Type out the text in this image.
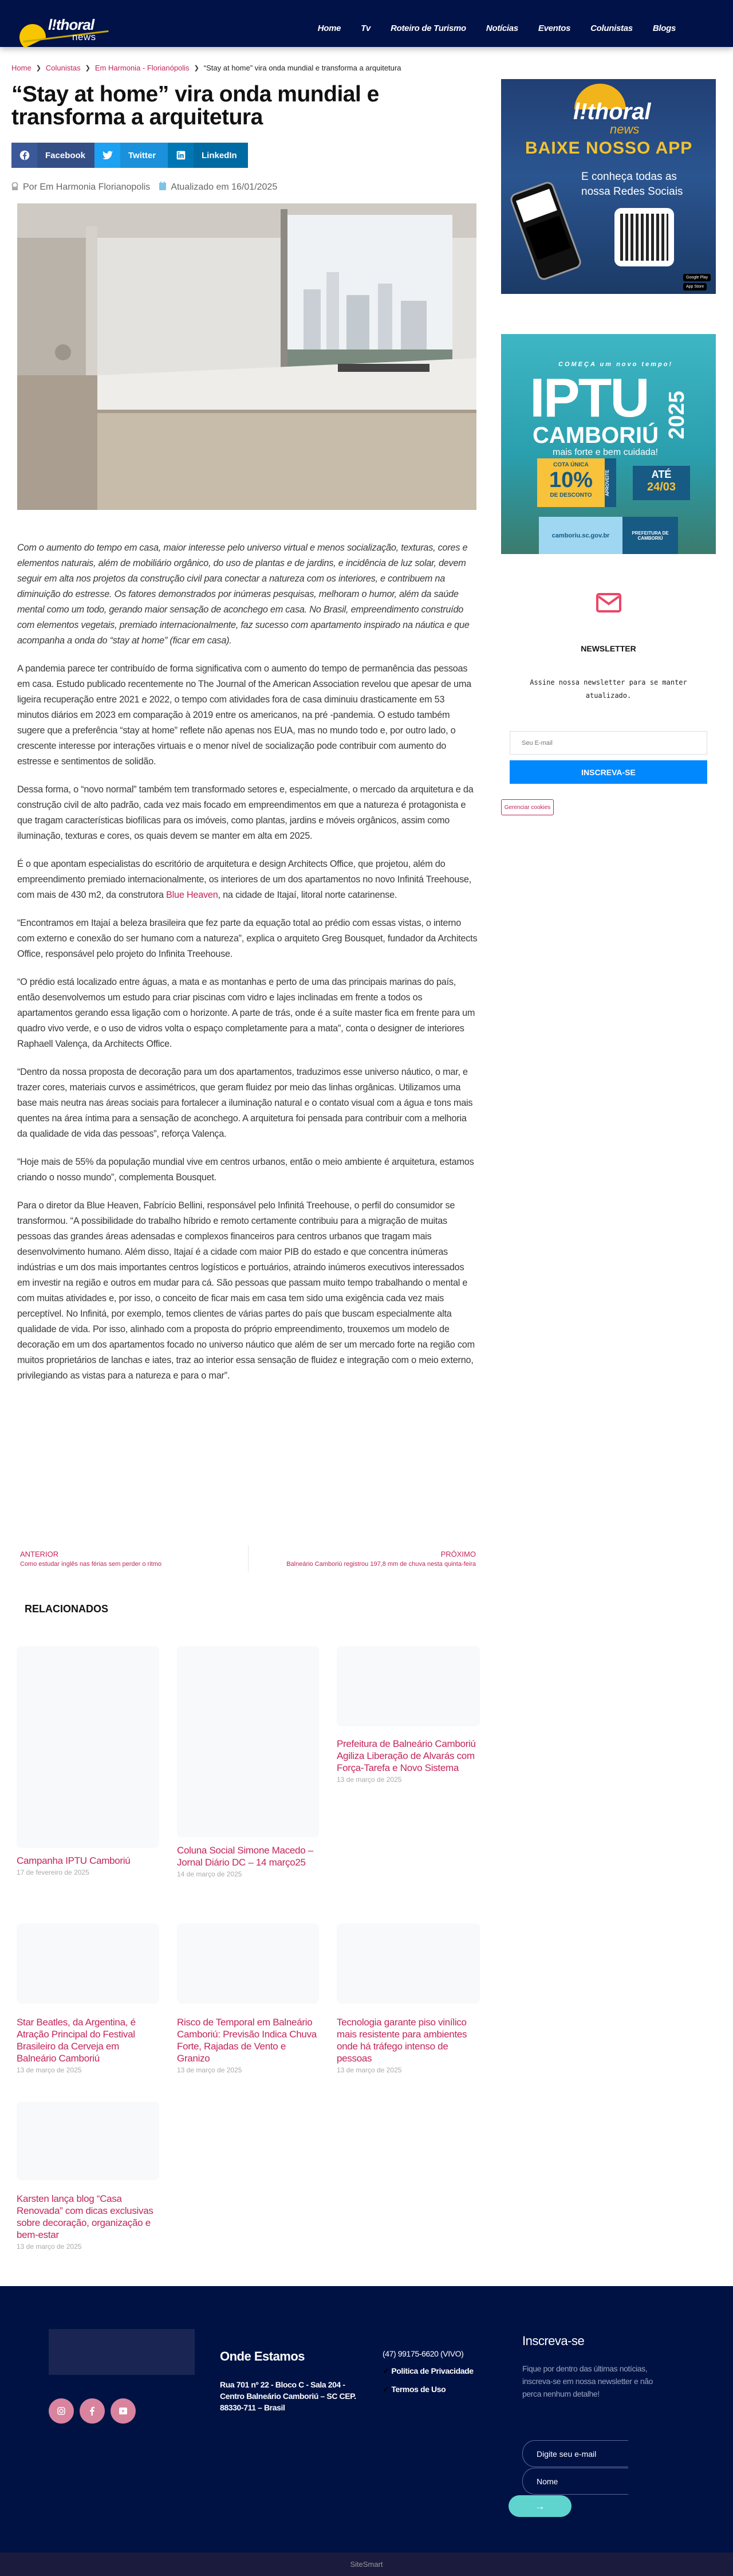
l!thoral
news
Home Tv Roteiro de Turismo Notícias Eventos Colunistas Blogs
Home ❯ Colunistas ❯ Em Harmonia - Florianópolis ❯ “Stay at home” vira onda mundial e transforma a arquitetura
“Stay at home” vira onda mundial e transforma a arquitetura
Facebook	Twitter	LinkedIn
Por Em Harmonia Florianopolis Atualizado em 16/01/2025

Com o aumento do tempo em casa, maior interesse pelo universo virtual e menos socialização, texturas, cores e elementos naturais, além de mobiliário orgânico, do uso de plantas e de jardins, e incidência de luz solar, devem seguir em alta nos projetos da construção civil para conectar a natureza com os interiores, e contribuem na diminuição do estresse. Os fatores demonstrados por inúmeras pesquisas, melhoram o humor, além da saúde mental como um todo, gerando maior sensação de aconchego em casa. No Brasil, empreendimento construído com elementos vegetais, premiado internacionalmente, faz sucesso com apartamento inspirado na náutica e que acompanha a onda do “stay at home” (ficar em casa).

A pandemia parece ter contribuído de forma significativa com o aumento do tempo de permanência das pessoas em casa. Estudo publicado recentemente no The Journal of the American Association revelou que apesar de uma ligeira recuperação entre 2021 e 2022, o tempo com atividades fora de casa diminuiu drasticamente em 53 minutos diários em 2023 em comparação à 2019 entre os americanos, na pré -pandemia. O estudo também sugere que a preferência “stay at home” reflete não apenas nos EUA, mas no mundo todo e, por outro lado, o crescente interesse por interações virtuais e o menor nível de socialização pode contribuir com aumento do estresse e sentimentos de solidão.

Dessa forma, o “novo normal” também tem transformado setores e, especialmente, o mercado da arquitetura e da construção civil de alto padrão, cada vez mais focado em empreendimentos em que a natureza é protagonista e que tragam características biofílicas para os imóveis, como plantas, jardins e móveis orgânicos, assim como iluminação, texturas e cores, os quais devem se manter em alta em 2025.

É o que apontam especialistas do escritório de arquitetura e design Architects Office, que projetou, além do empreendimento premiado internacionalmente, os interiores de um dos apartamentos no novo Infinitá Treehouse, com mais de 430 m2, da construtora Blue Heaven, na cidade de Itajaí, litoral norte catarinense.

“Encontramos em Itajaí a beleza brasileira que fez parte da equação total ao prédio com essas vistas, o interno com externo e conexão do ser humano com a natureza”, explica o arquiteto Greg Bousquet, fundador da Architects Office, responsável pelo projeto do Infinita Treehouse.

“O prédio está localizado entre águas, a mata e as montanhas e perto de uma das principais marinas do país, então desenvolvemos um estudo para criar piscinas com vidro e lajes inclinadas em frente a todos os apartamentos gerando essa ligação com o horizonte. A parte de trás, onde é a suíte master fica em frente para um quadro vivo verde, e o uso de vidros volta o espaço completamente para a mata”, conta o designer de interiores Raphaell Valença, da Architects Office.

“Dentro da nossa proposta de decoração para um dos apartamentos, traduzimos esse universo náutico, o mar, e trazer cores, materiais curvos e assimétricos, que geram fluidez por meio das linhas orgânicas. Utilizamos uma base mais neutra nas áreas sociais para fortalecer a iluminação natural e o contato visual com a água e tons mais quentes na área íntima para a sensação de aconchego. A arquitetura foi pensada para contribuir com a melhoria da qualidade de vida das pessoas”, reforça Valença.

“Hoje mais de 55% da população mundial vive em centros urbanos, então o meio ambiente é arquitetura, estamos criando o nosso mundo”, complementa Bousquet.

Para o diretor da Blue Heaven, Fabrício Bellini, responsável pelo Infinitá Treehouse, o perfil do consumidor se transformou. “A possibilidade do trabalho híbrido e remoto certamente contribuiu para a migração de muitas pessoas das grandes áreas adensadas e complexos financeiros para centros urbanos que tragam mais desenvolvimento humano. Além disso, Itajaí é a cidade com maior PIB do estado e que concentra inúmeras indústrias e um dos mais importantes centros logísticos e portuários, atraindo inúmeros executivos interessados em investir na região e outros em mudar para cá. São pessoas que passam muito tempo trabalhando o mental e com muitas atividades e, por isso, o conceito de ficar mais em casa tem sido uma exigência cada vez mais perceptível. No Infinitá, por exemplo, temos clientes de várias partes do país que buscam especialmente alta qualidade de vida. Por isso, alinhado com a proposta do próprio empreendimento, trouxemos um modelo de decoração em um dos apartamentos focado no universo náutico que além de ser um mercado forte na região com muitos proprietários de lanchas e iates, traz ao interior essa sensação de fluidez e integração com o meio externo, privilegiando as vistas para a natureza e para o mar”.

Gerenciar cookies
ANTERIOR
Como estudar inglês nas férias sem perder o ritmo
PRÓXIMO
Balneário Camboriú registrou 197,8 mm de chuva nesta quinta-feira
RELACIONADOS
Campanha IPTU Camboriú
17 de fevereiro de 2025
Coluna Social Simone Macedo – Jornal Diário DC – 14 março25
14 de março de 2025
Prefeitura de Balneário Camboriú Agiliza Liberação de Alvarás com Força-Tarefa e Novo Sistema
13 de março de 2025
Star Beatles, da Argentina, é Atração Principal do Festival Brasileiro da Cerveja em Balneário Camboriú
13 de março de 2025
Risco de Temporal em Balneário Camboriú: Previsão Indica Chuva Forte, Rajadas de Vento e Granizo
13 de março de 2025
Tecnologia garante piso vinílico mais resistente para ambientes onde há tráfego intenso de pessoas
13 de março de 2025
Karsten lança blog “Casa Renovada” com dicas exclusivas sobre decoração, organização e bem-estar
13 de março de 2025
l!thoral
news
BAIXE NOSSO APP
E conheça todas as nossa Redes Sociais
Google Play
App Store
COMEÇA um novo tempo!
IPTU 2025
CAMBORIÚ
mais forte e bem cuidada!
COTA ÚNICA
10%
DE DESCONTO	APROVEITE	ATÉ
24/03
camboriu.sc.gov.br	PREFEITURA DE CAMBORIÚ
NEWSLETTER
Assine nossa newsletter para se manter atualizado.
Seu E-mail
INSCREVA-SE
Onde Estamos
Rua 701 nº 22 - Bloco C - Sala 204 - Centro Balneário Camboriú – SC CEP. 88330-711 – Brasil
(47) 99175-6620 (VIVO)
✓ Política de Privacidade
✓ Termos de Uso
Inscreva-se
Fique por dentro das últimas notícias, inscreva-se em nossa newsletter e não perca nenhum detalhe!
Digite seu e-mail
Nome
→
SiteSmart
